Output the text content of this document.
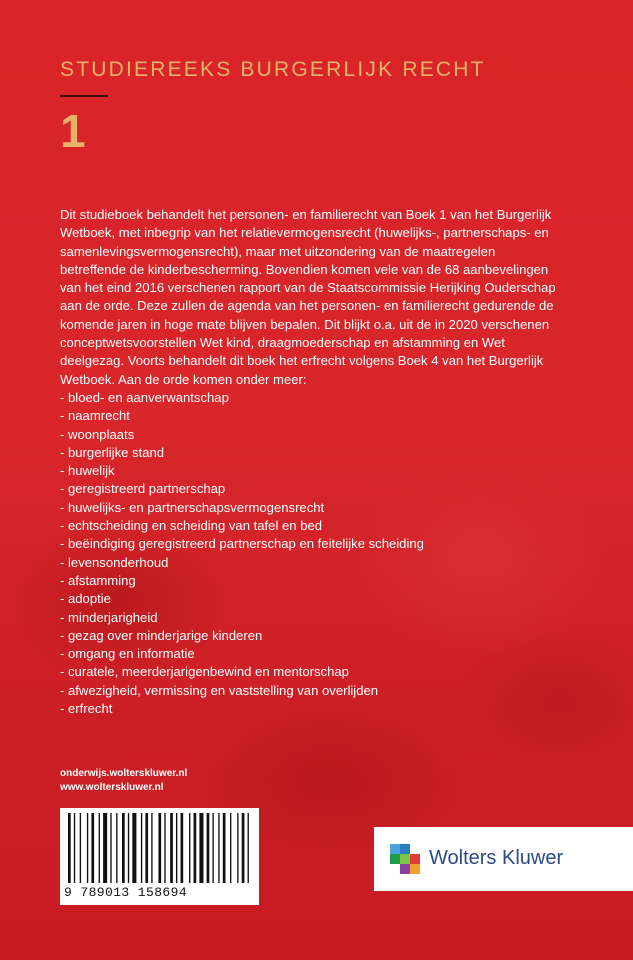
STUDIEREEKS BURGERLIJK RECHT
1

Dit studieboek behandelt het personen- en familierecht van Boek 1 van het Burgerlijk Wetboek, met inbegrip van het relatievermogensrecht (huwelijks-, partnerschaps- en samenlevingsvermogensrecht), maar met uitzondering van de maatregelen betreffende de kinderbescherming. Bovendien komen vele van de 68 aanbevelingen van het eind 2016 verschenen rapport van de Staatscommissie Herijking Ouderschap aan de orde. Deze zullen de agenda van het personen- en familierecht gedurende de komende jaren in hoge mate blijven bepalen. Dit blijkt o.a. uit de in 2020 verschenen conceptwetsvoorstellen Wet kind, draagmoederschap en afstamming en Wet deelgezag. Voorts behandelt dit boek het erfrecht volgens Boek 4 van het Burgerlijk Wetboek. Aan de orde komen onder meer:

- bloed- en aanverwantschap
- naamrecht
- woonplaats
- burgerlijke stand
- huwelijk
- geregistreerd partnerschap
- huwelijks- en partnerschapsvermogensrecht
- echtscheiding en scheiding van tafel en bed
- beëindiging geregistreerd partnerschap en feitelijke scheiding
- levensonderhoud
- afstamming
- adoptie
- minderjarigheid
- gezag over minderjarige kinderen
- omgang en informatie
- curatele, meerderjarigenbewind en mentorschap
- afwezigheid, vermissing en vaststelling van overlijden
- erfrecht
onderwijs.wolterskluwer.nl
www.wolterskluwer.nl
9 789013 158694
Wolters Kluwer
